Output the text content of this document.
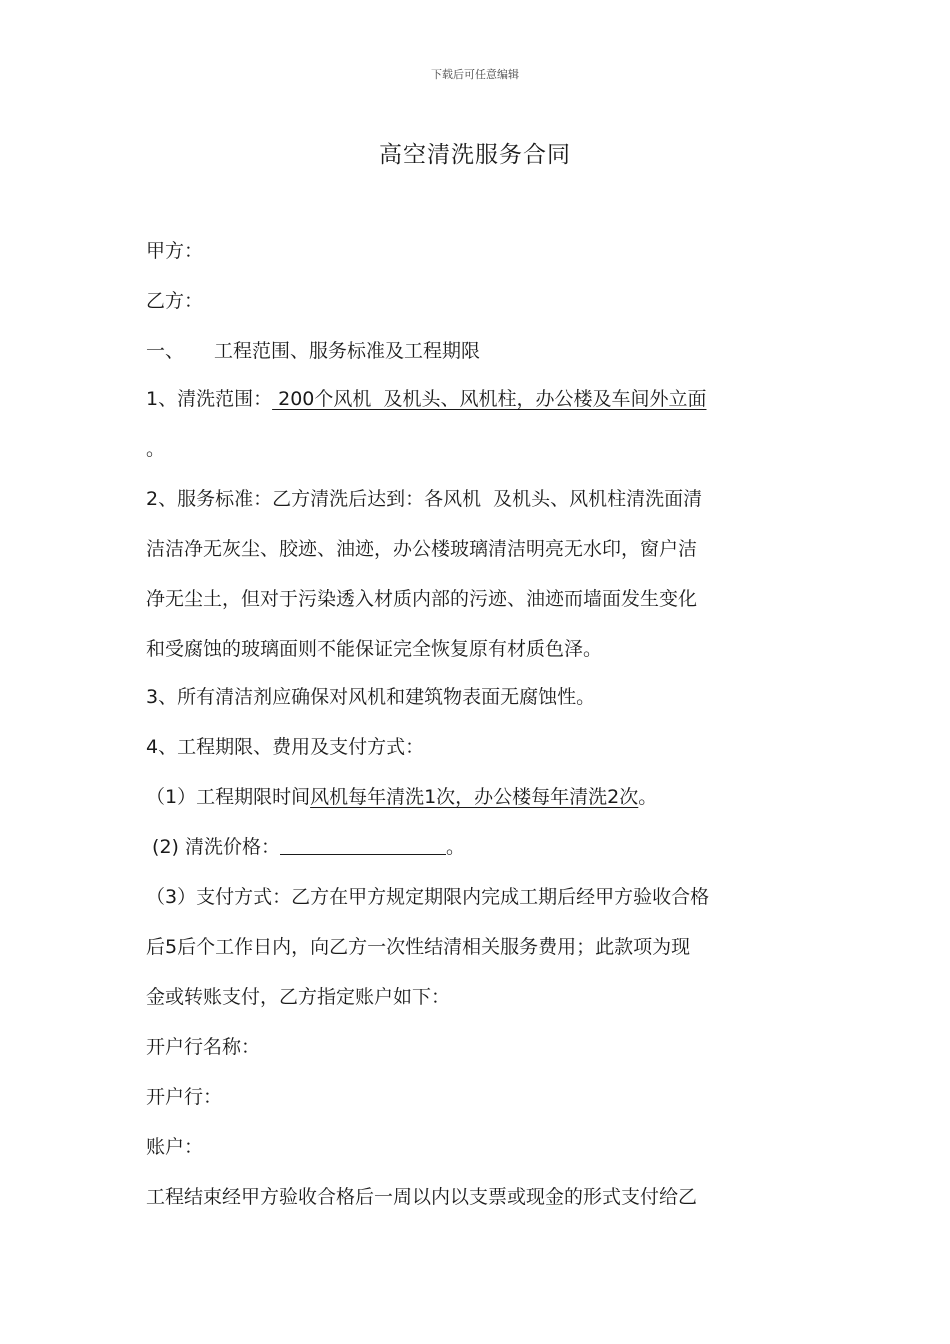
下载后可任意编辑
高空清洗服务合同
甲方：
乙方：
一、 工程范围、服务标准及工程期限
1、清洗范围： 200个风机  及机头、风机柱，办公楼及车间外立面
。
2、服务标准：乙方清洗后达到：各风机  及机头、风机柱清洗面清
洁洁净无灰尘、胶迹、油迹，办公楼玻璃清洁明亮无水印，窗户洁
净无尘土，但对于污染透入材质内部的污迹、油迹而墙面发生变化
和受腐蚀的玻璃面则不能保证完全恢复原有材质色泽。
3、所有清洁剂应确保对风机和建筑物表面无腐蚀性。
4、工程期限、费用及支付方式：
（1）工程期限时间风机每年清洗1次，办公楼每年清洗2次。
(2) 清洗价格：	。
（3）支付方式：乙方在甲方规定期限内完成工期后经甲方验收合格
后5后个工作日内，向乙方一次性结清相关服务费用；此款项为现
金或转账支付，乙方指定账户如下：
开户行名称：
开户行：
账户：
工程结束经甲方验收合格后一周以内以支票或现金的形式支付给乙
